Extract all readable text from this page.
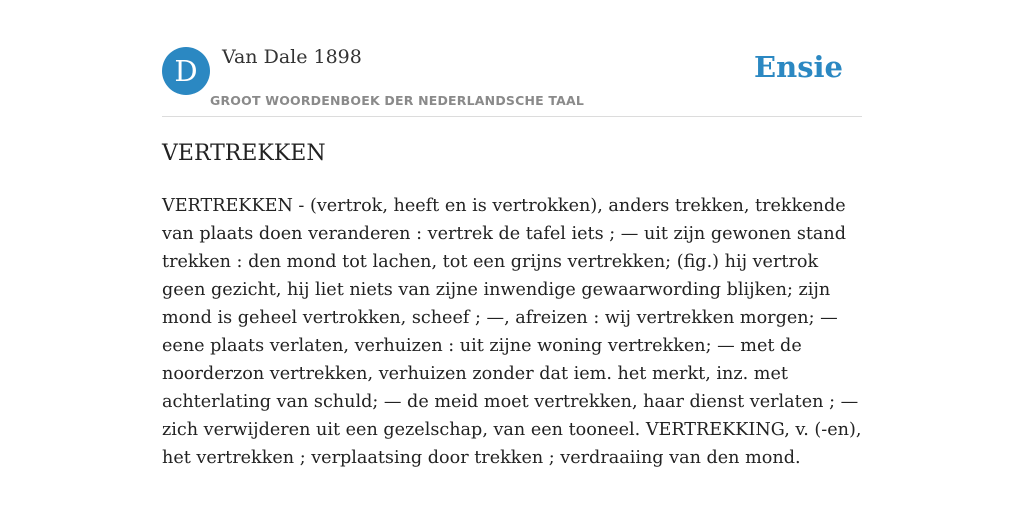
D	Van Dale 1898
GROOT WOORDENBOEK DER NEDERLANDSCHE TAAL
Ensie
VERTREKKEN

VERTREKKEN - (vertrok, heeft en is vertrokken), anders trekken, trekkende van plaats doen veranderen : vertrek de tafel iets ; — uit zijn gewonen stand trekken : den mond tot lachen, tot een grijns vertrekken; (fig.) hij vertrok geen gezicht, hij liet niets van zijne inwendige gewaarwording blijken; zijn mond is geheel vertrokken, scheef ; —, afreizen : wij vertrekken morgen; — eene plaats verlaten, verhuizen : uit zijne woning vertrekken; — met de noorderzon vertrekken, verhuizen zonder dat iem. het merkt, inz. met achterlating van schuld; — de meid moet vertrekken, haar dienst verlaten ; — zich verwijderen uit een gezelschap, van een tooneel. VERTREKKING, v. (-en), het vertrekken ; verplaatsing door trekken ; verdraaiing van den mond.
